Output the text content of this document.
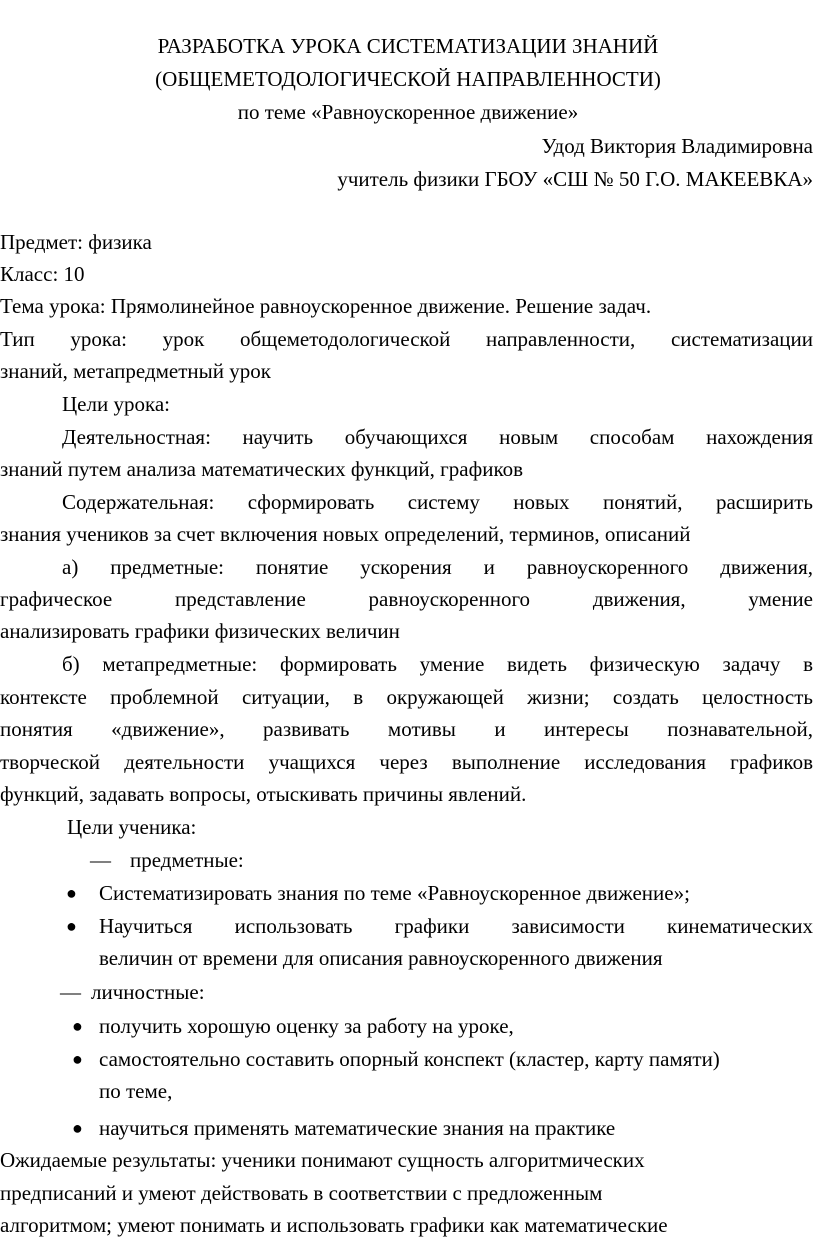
РАЗРАБОТКА УРОКА СИСТЕМАТИЗАЦИИ ЗНАНИЙ
(ОБЩЕМЕТОДОЛОГИЧЕСКОЙ НАПРАВЛЕННОСТИ)
по теме «Равноускоренное движение»
Удод Виктория Владимировна
учитель физики ГБОУ «СШ № 50 Г.О. МАКЕЕВКА»
Предмет: физика
Класс: 10
Тема урока: Прямолинейное равноускоренное движение. Решение задач.
Тип урока: урок общеметодологической направленности, систематизации
знаний, метапредметный урок
Цели урока:
Деятельностная: научить обучающихся новым способам нахождения
знаний путем анализа математических функций, графиков
Содержательная: сформировать систему новых понятий, расширить
знания учеников за счет включения новых определений, терминов, описаний
а) предметные: понятие ускорения и равноускоренного движения,
графическое представление равноускоренного движения, умение
анализировать графики физических величин
б) метапредметные: формировать умение видеть физическую задачу в
контексте проблемной ситуации, в окружающей жизни; создать целостность
понятия «движение», развивать мотивы и интересы познавательной,
творческой деятельности учащихся через выполнение исследования графиков
функций, задавать вопросы, отыскивать причины явлений.
Цели ученика:
— предметные:
● Систематизировать знания по теме «Равноускоренное движение»;
● Научиться использовать графики зависимости кинематических
величин от времени для описания равноускоренного движения
— личностные:
● получить хорошую оценку за работу на уроке,
● самостоятельно составить опорный конспект (кластер, карту памяти)
по теме,
● научиться применять математические знания на практике
Ожидаемые результаты: ученики понимают сущность алгоритмических
предписаний и умеют действовать в соответствии с предложенным
алгоритмом; умеют понимать и использовать графики как математические
